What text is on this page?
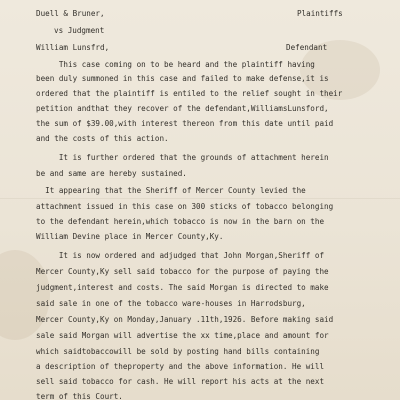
Duell & Bruner,	Plaintiffs
vs Judgment
William Lunsfrd,	Defendant
This case coming on to be heard and the plaintiff having
been duly summoned in this case and failed to make defense,it is
ordered that the plaintiff is entiled to the relief sought in their
petition andthat they recover of the defendant,WilliamsLunsford,
the sum of $39.00,with interest thereon from this date until paid
and the costs of this action.
It is further ordered that the grounds of attachment herein
be and same are hereby sustained.
It appearing that the Sheriff of Mercer County levied the
attachment issued in this case on 300 sticks of tobacco belonging
to the defendant herein,which tobacco is now in the barn on the
William Devine place in Mercer County,Ky.
It is now ordered and adjudged that John Morgan,Sheriff of
Mercer County,Ky sell said tobacco for the purpose of paying the
judgment,interest and costs. The said Morgan is directed to make
said sale in one of the tobacco ware-houses in Harrodsburg,
Mercer County,Ky on Monday,January .11th,1926. Before making said
sale said Morgan will advertise the xx time,place and amount for
which saidtobaccowill be sold by posting hand bills containing
a description of theproperty and the above information. He will
sell said tobacco for cash. He will report his acts at the next
term of this Court.
